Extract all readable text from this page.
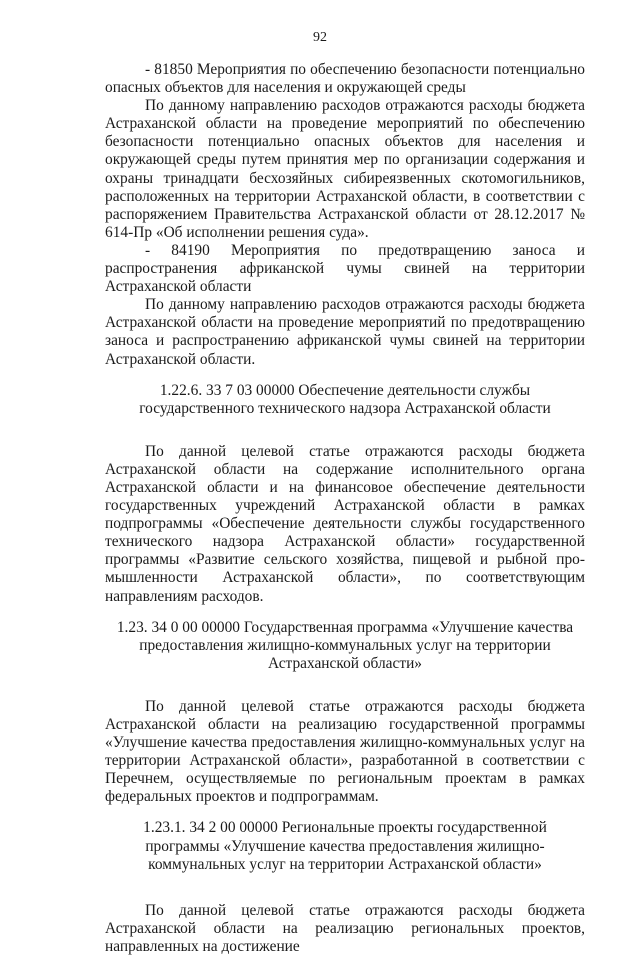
92

- 81850 Мероприятия по обеспечению безопасности потенциально опасных объектов для населения и окружающей среды

По данному направлению расходов отражаются расходы бюджета Астраханской области на проведение мероприятий по обеспечению безопасности потенциально опасных объектов для населения и окружающей среды путем принятия мер по организации содержания и охраны тринадцати бесхозяйных сибиреязвенных скотомогильников, расположенных на территории Астраханской области, в соответствии с распоряжением Правительства Астраханской области от 28.12.2017 № 614-Пр «Об исполнении решения суда».

- 84190 Мероприятия по предотвращению заноса и распространения африканской чумы свиней на территории Астраханской области

По данному направлению расходов отражаются расходы бюджета Астраханской области на проведение мероприятий по предотвращению заноса и распространению африканской чумы свиней на территории Астраханской области.

1.22.6. 33 7 03 00000 Обеспечение деятельности службы государственного технического надзора Астраханской области

По данной целевой статье отражаются расходы бюджета Астраханской области на содержание исполнительного органа Астраханской области и на финансовое обеспечение деятельности государственных учреждений Астраханской области в рамках подпрограммы «Обеспечение деятельности службы государственного технического надзора Астраханской области» государственной программы «Развитие сельского хозяйства, пищевой и рыбной промышленности Астраханской области», по соответствующим направлениям расходов.

1.23. 34 0 00 00000 Государственная программа «Улучшение качества предоставления жилищно-коммунальных услуг на территории Астраханской области»

По данной целевой статье отражаются расходы бюджета Астраханской области на реализацию государственной программы «Улучшение качества предоставления жилищно-коммунальных услуг на территории Астраханской области», разработанной в соответствии с Перечнем, осуществляемые по региональным проектам в рамках федеральных проектов и подпрограммам.

1.23.1. 34 2 00 00000 Региональные проекты государственной программы «Улучшение качества предоставления жилищно-коммунальных услуг на территории Астраханской области»

По данной целевой статье отражаются расходы бюджета Астраханской области на реализацию региональных проектов, направленных на достижение
